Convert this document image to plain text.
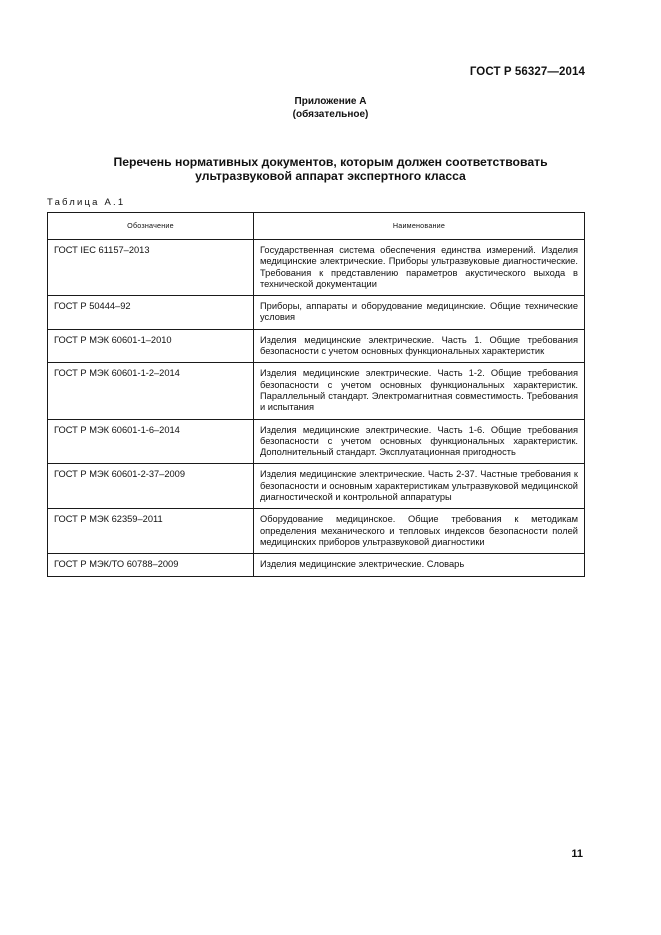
ГОСТ Р 56327—2014
Приложение А
(обязательное)
Перечень нормативных документов, которым должен соответствовать
ультразвуковой аппарат экспертного класса
Таблица А.1
Обозначение	Наименование
ГОСТ IEC 61157–2013	Государственная система обеспечения единства измерений. Изделия медицинские электрические. Приборы ультразвуковые диагностические. Требования к представлению параметров акустического выхода в технической документации
ГОСТ Р 50444–92	Приборы, аппараты и оборудование медицинские. Общие технические условия
ГОСТ Р МЭК 60601-1–2010	Изделия медицинские электрические. Часть 1. Общие требования безопасности с учетом основных функциональных характеристик
ГОСТ Р МЭК 60601-1-2–2014	Изделия медицинские электрические. Часть 1-2. Общие требования безопасности с учетом основных функциональных характеристик. Параллельный стандарт. Электромагнитная совместимость. Требования и испытания
ГОСТ Р МЭК 60601-1-6–2014	Изделия медицинские электрические. Часть 1-6. Общие требования безопасности с учетом основных функциональных характеристик. Дополнительный стандарт. Эксплуатационная пригодность
ГОСТ Р МЭК 60601-2-37–2009	Изделия медицинские электрические. Часть 2-37. Частные требования к безопасности и основным характеристикам ультразвуковой медицинской диагностической и контрольной аппаратуры
ГОСТ Р МЭК 62359–2011	Оборудование медицинское. Общие требования к методикам определения механического и тепловых индексов безопасности полей медицинских приборов ультразвуковой диагностики
ГОСТ Р МЭК/ТО 60788–2009	Изделия медицинские электрические. Словарь
11
